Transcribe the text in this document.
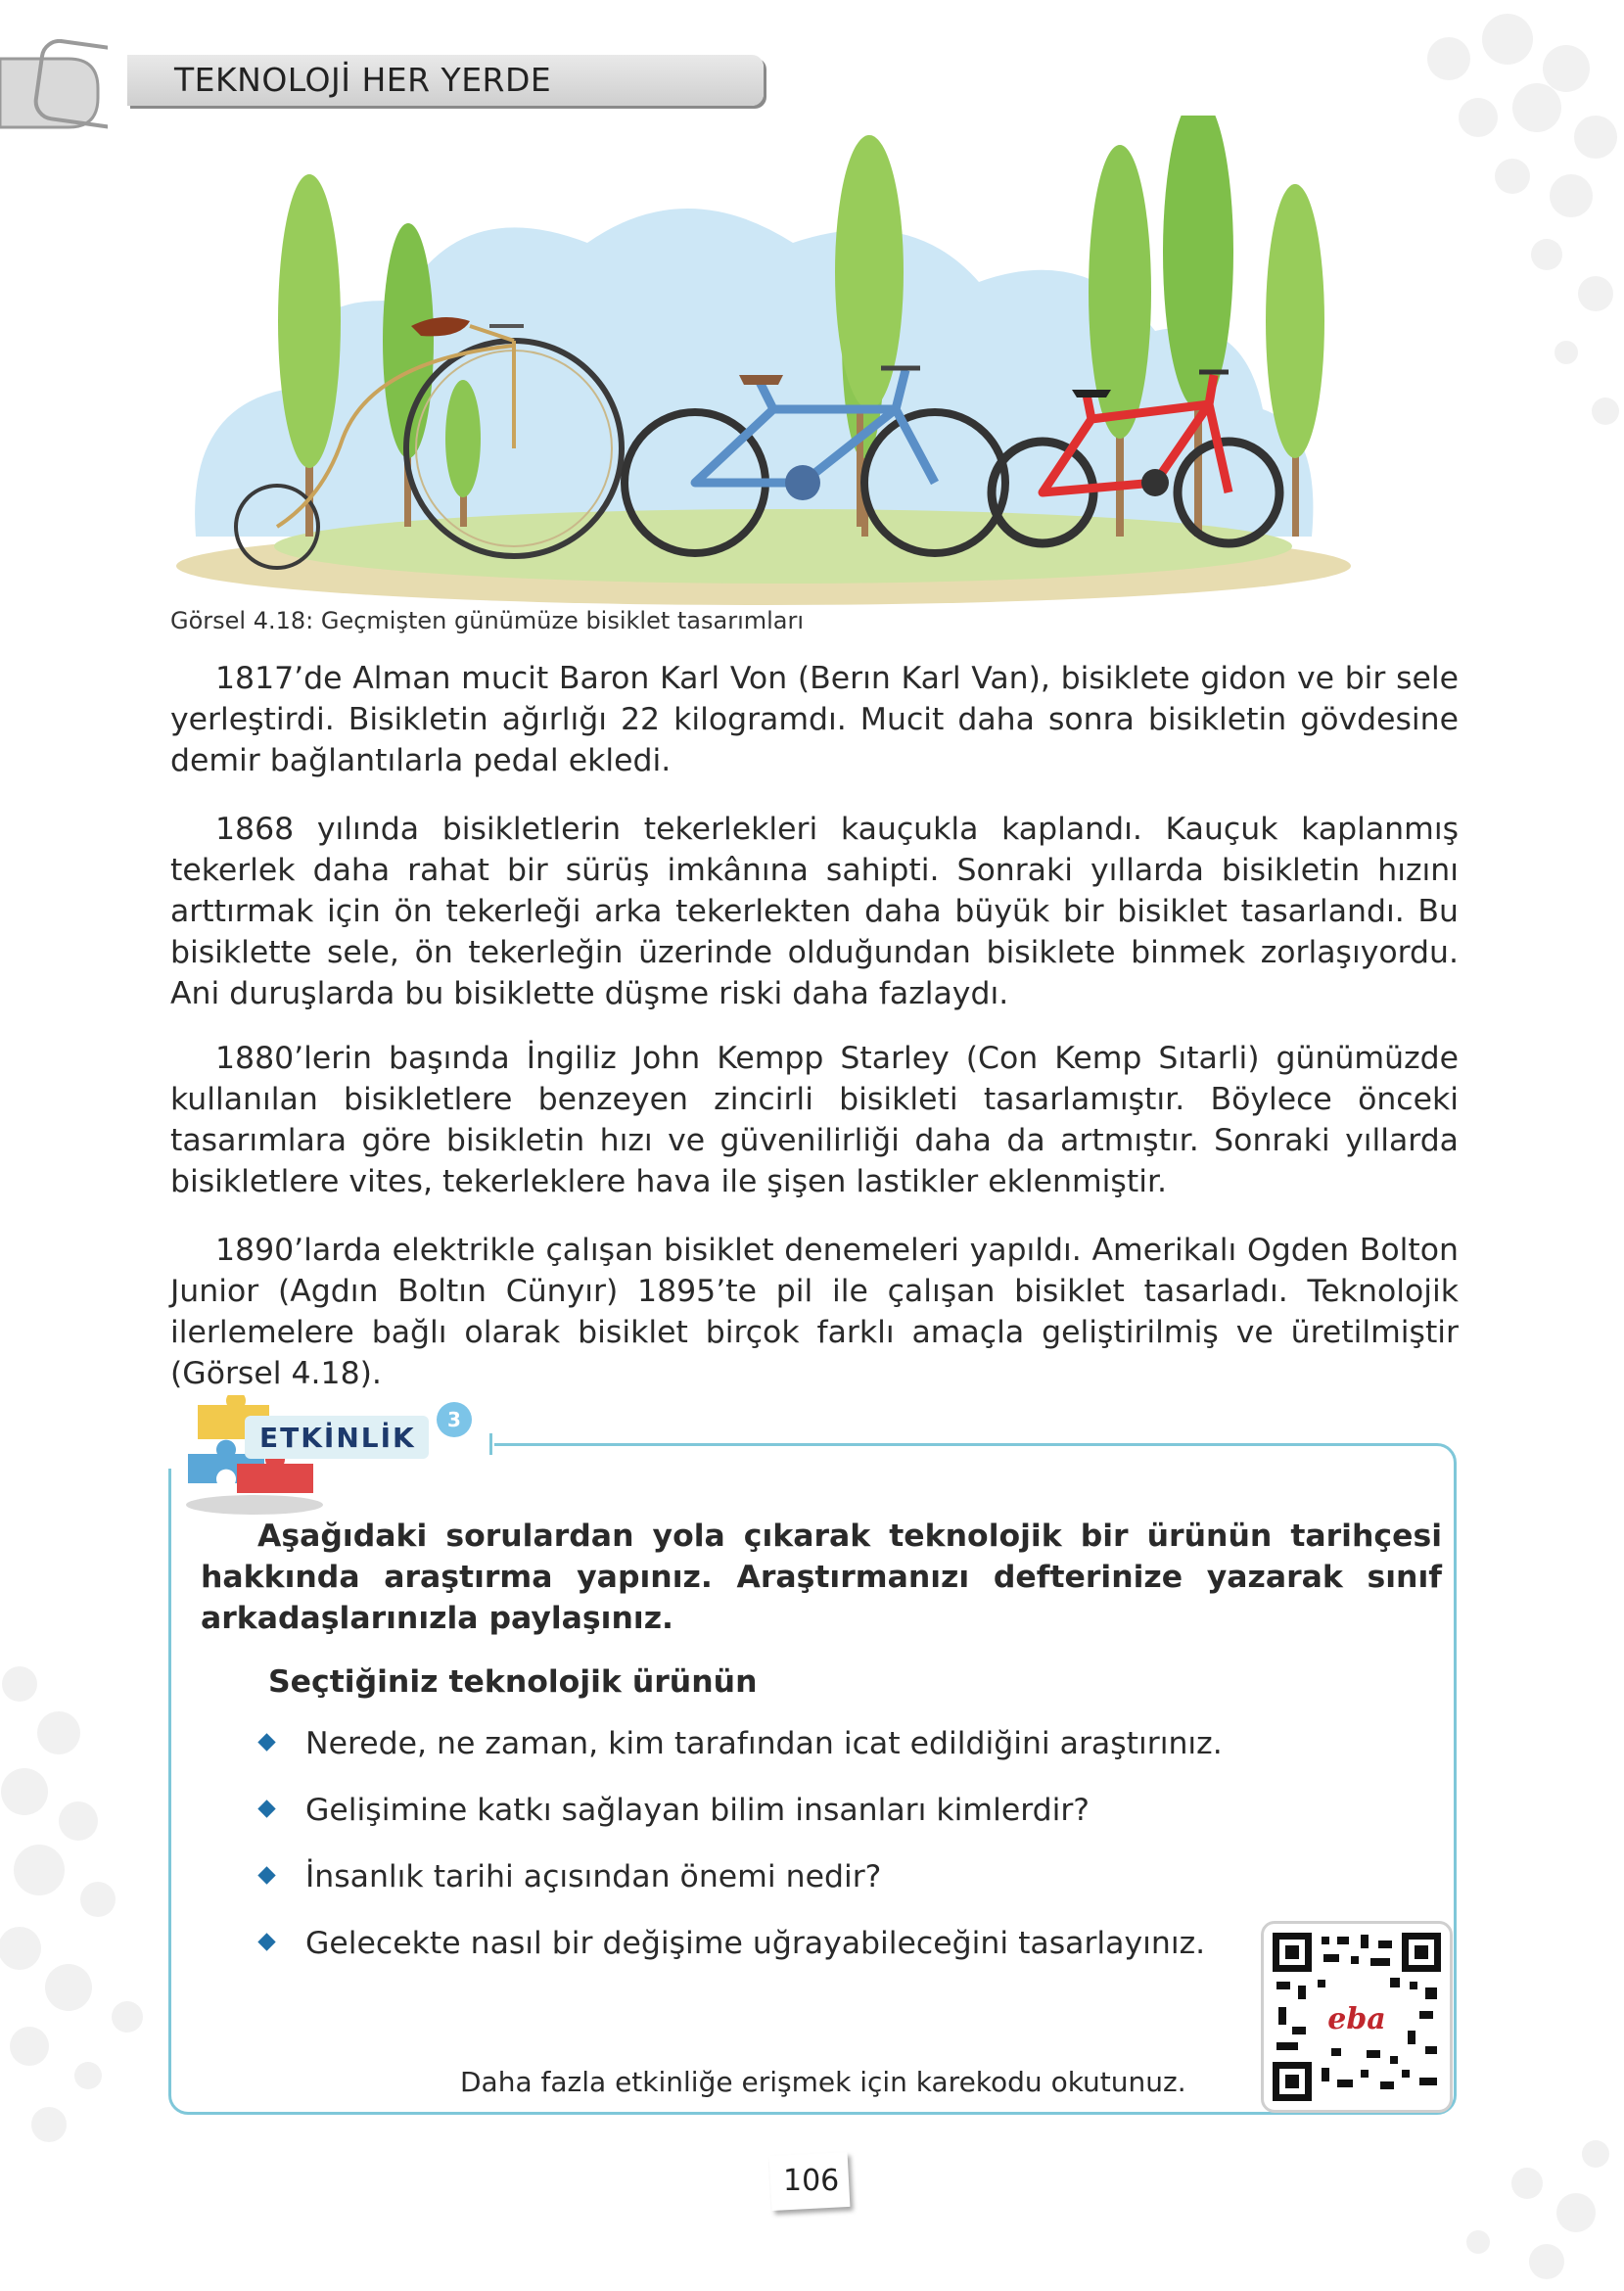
TEKNOLOJİ HER YERDE
Görsel 4.18: Geçmişten günümüze bisiklet tasarımları
1817’de Alman mucit Baron Karl Von (Berın Karl Van), bisiklete gidon ve bir sele yerleştirdi. Bisikletin ağırlığı 22 kilogramdı. Mucit daha sonra bisikletin gövdesine demir bağlantılarla pedal ekledi.
1868 yılında bisikletlerin tekerlekleri kauçukla kaplandı. Kauçuk kaplanmış tekerlek daha rahat bir sürüş imkânına sahipti. Sonraki yıllarda bisikletin hızını arttırmak için ön tekerleği arka tekerlekten daha büyük bir bisiklet tasarlandı. Bu bisiklette sele, ön tekerleğin üzerinde olduğundan bisiklete binmek zorlaşıyordu. Ani duruşlarda bu bisiklette düşme riski daha fazlaydı.
1880’lerin başında İngiliz John Kempp Starley (Con Kemp Sıtarli) günümüzde kullanılan bisikletlere benzeyen zincirli bisikleti tasarlamıştır. Böylece önceki tasarımlara göre bisikletin hızı ve güvenilirliği daha da artmıştır. Sonraki yıllarda bisikletlere vites, tekerleklere hava ile şişen lastikler eklenmiştir.
1890’larda elektrikle çalışan bisiklet denemeleri yapıldı. Amerikalı Ogden Bolton Junior (Agdın Boltın Cünyır) 1895’te pil ile çalışan bisiklet tasarladı. Teknolojik ilerlemelere bağlı olarak bisiklet birçok farklı amaçla geliştirilmiş ve üretilmiştir (Görsel 4.18).
ETKİNLİK
3
Aşağıdaki sorulardan yola çıkarak teknolojik bir ürünün tarihçesi hakkında araştırma yapınız. Araştırmanızı defterinize yazarak sınıf arkadaşlarınızla paylaşınız.
Seçtiğiniz teknolojik ürünün
Nerede, ne zaman, kim tarafından icat edildiğini araştırınız.
Gelişimine katkı sağlayan bilim insanları kimlerdir?
İnsanlık tarihi açısından önemi nedir?
Gelecekte nasıl bir değişime uğrayabileceğini tasarlayınız.
Daha fazla etkinliğe erişmek için karekodu okutunuz.
eba
106
